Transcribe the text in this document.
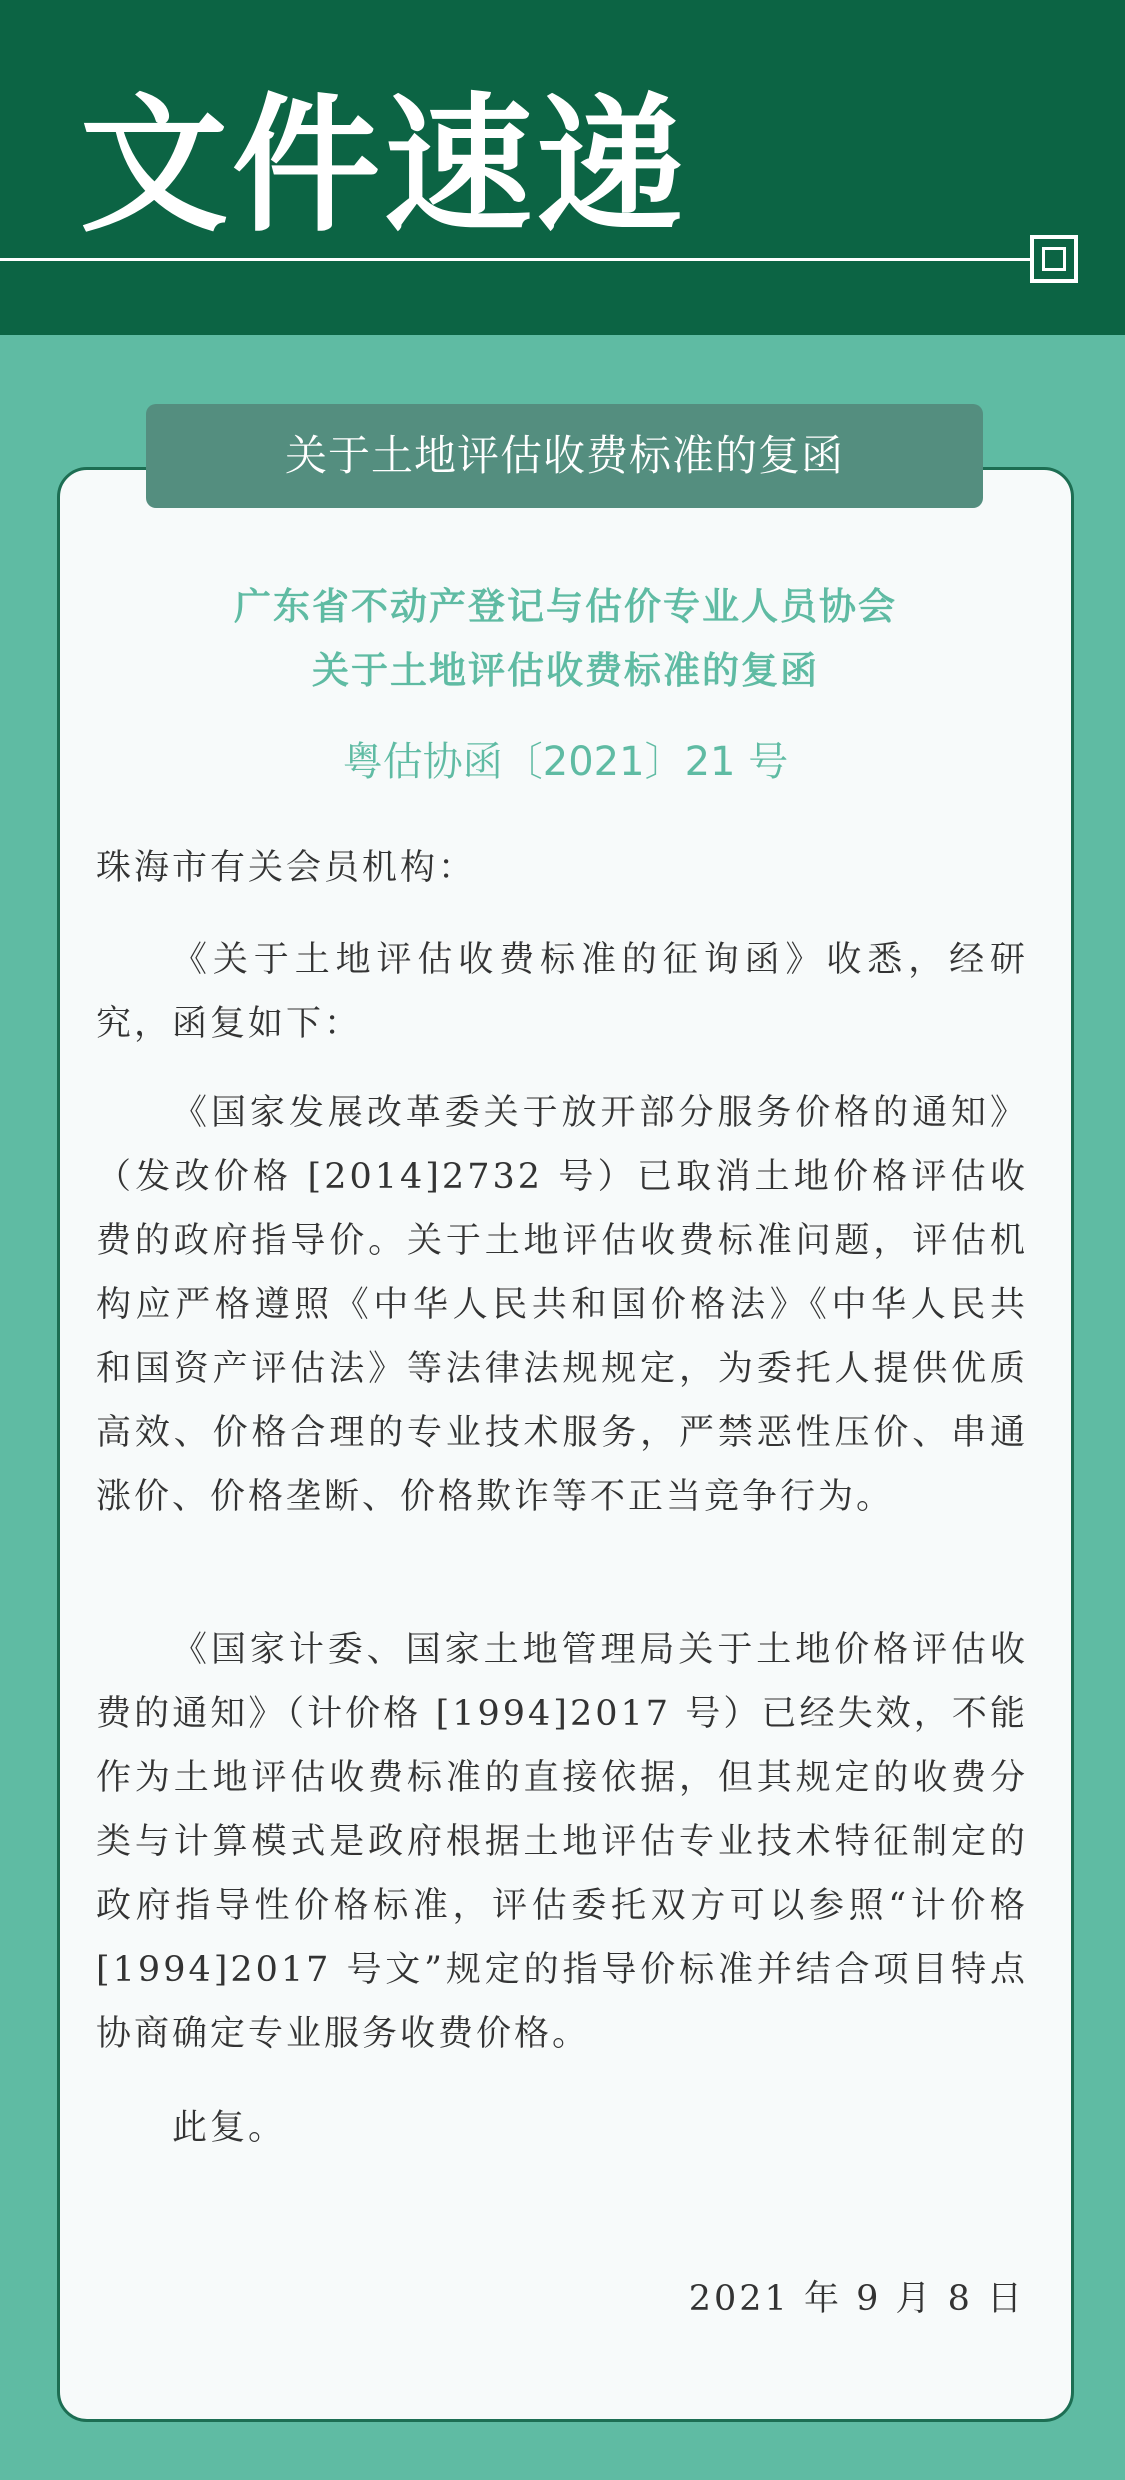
文件速递
关于土地评估收费标准的复函
广东省不动产登记与估价专业人员协会
关于土地评估收费标准的复函
粤估协函〔2021〕21 号
珠海市有关会员机构：
《关于土地评估收费标准的征询函》收悉，经研究，函复如下：
《国家发展改革委关于放开部分服务价格的通知》（发改价格 [2014]2732 号）已取消土地价格评估收费的政府指导价。关于土地评估收费标准问题，评估机构应严格遵照《中华人民共和国价格法》《中华人民共和国资产评估法》等法律法规规定，为委托人提供优质高效、价格合理的专业技术服务，严禁恶性压价、串通涨价、价格垄断、价格欺诈等不正当竞争行为。
《国家计委、国家土地管理局关于土地价格评估收费的通知》（计价格 [1994]2017 号）已经失效，不能作为土地评估收费标准的直接依据，但其规定的收费分类与计算模式是政府根据土地评估专业技术特征制定的政府指导性价格标准，评估委托双方可以参照“计价格 [1994]2017 号文”规定的指导价标准并结合项目特点协商确定专业服务收费价格。
此复。
2021 年 9 月 8 日
